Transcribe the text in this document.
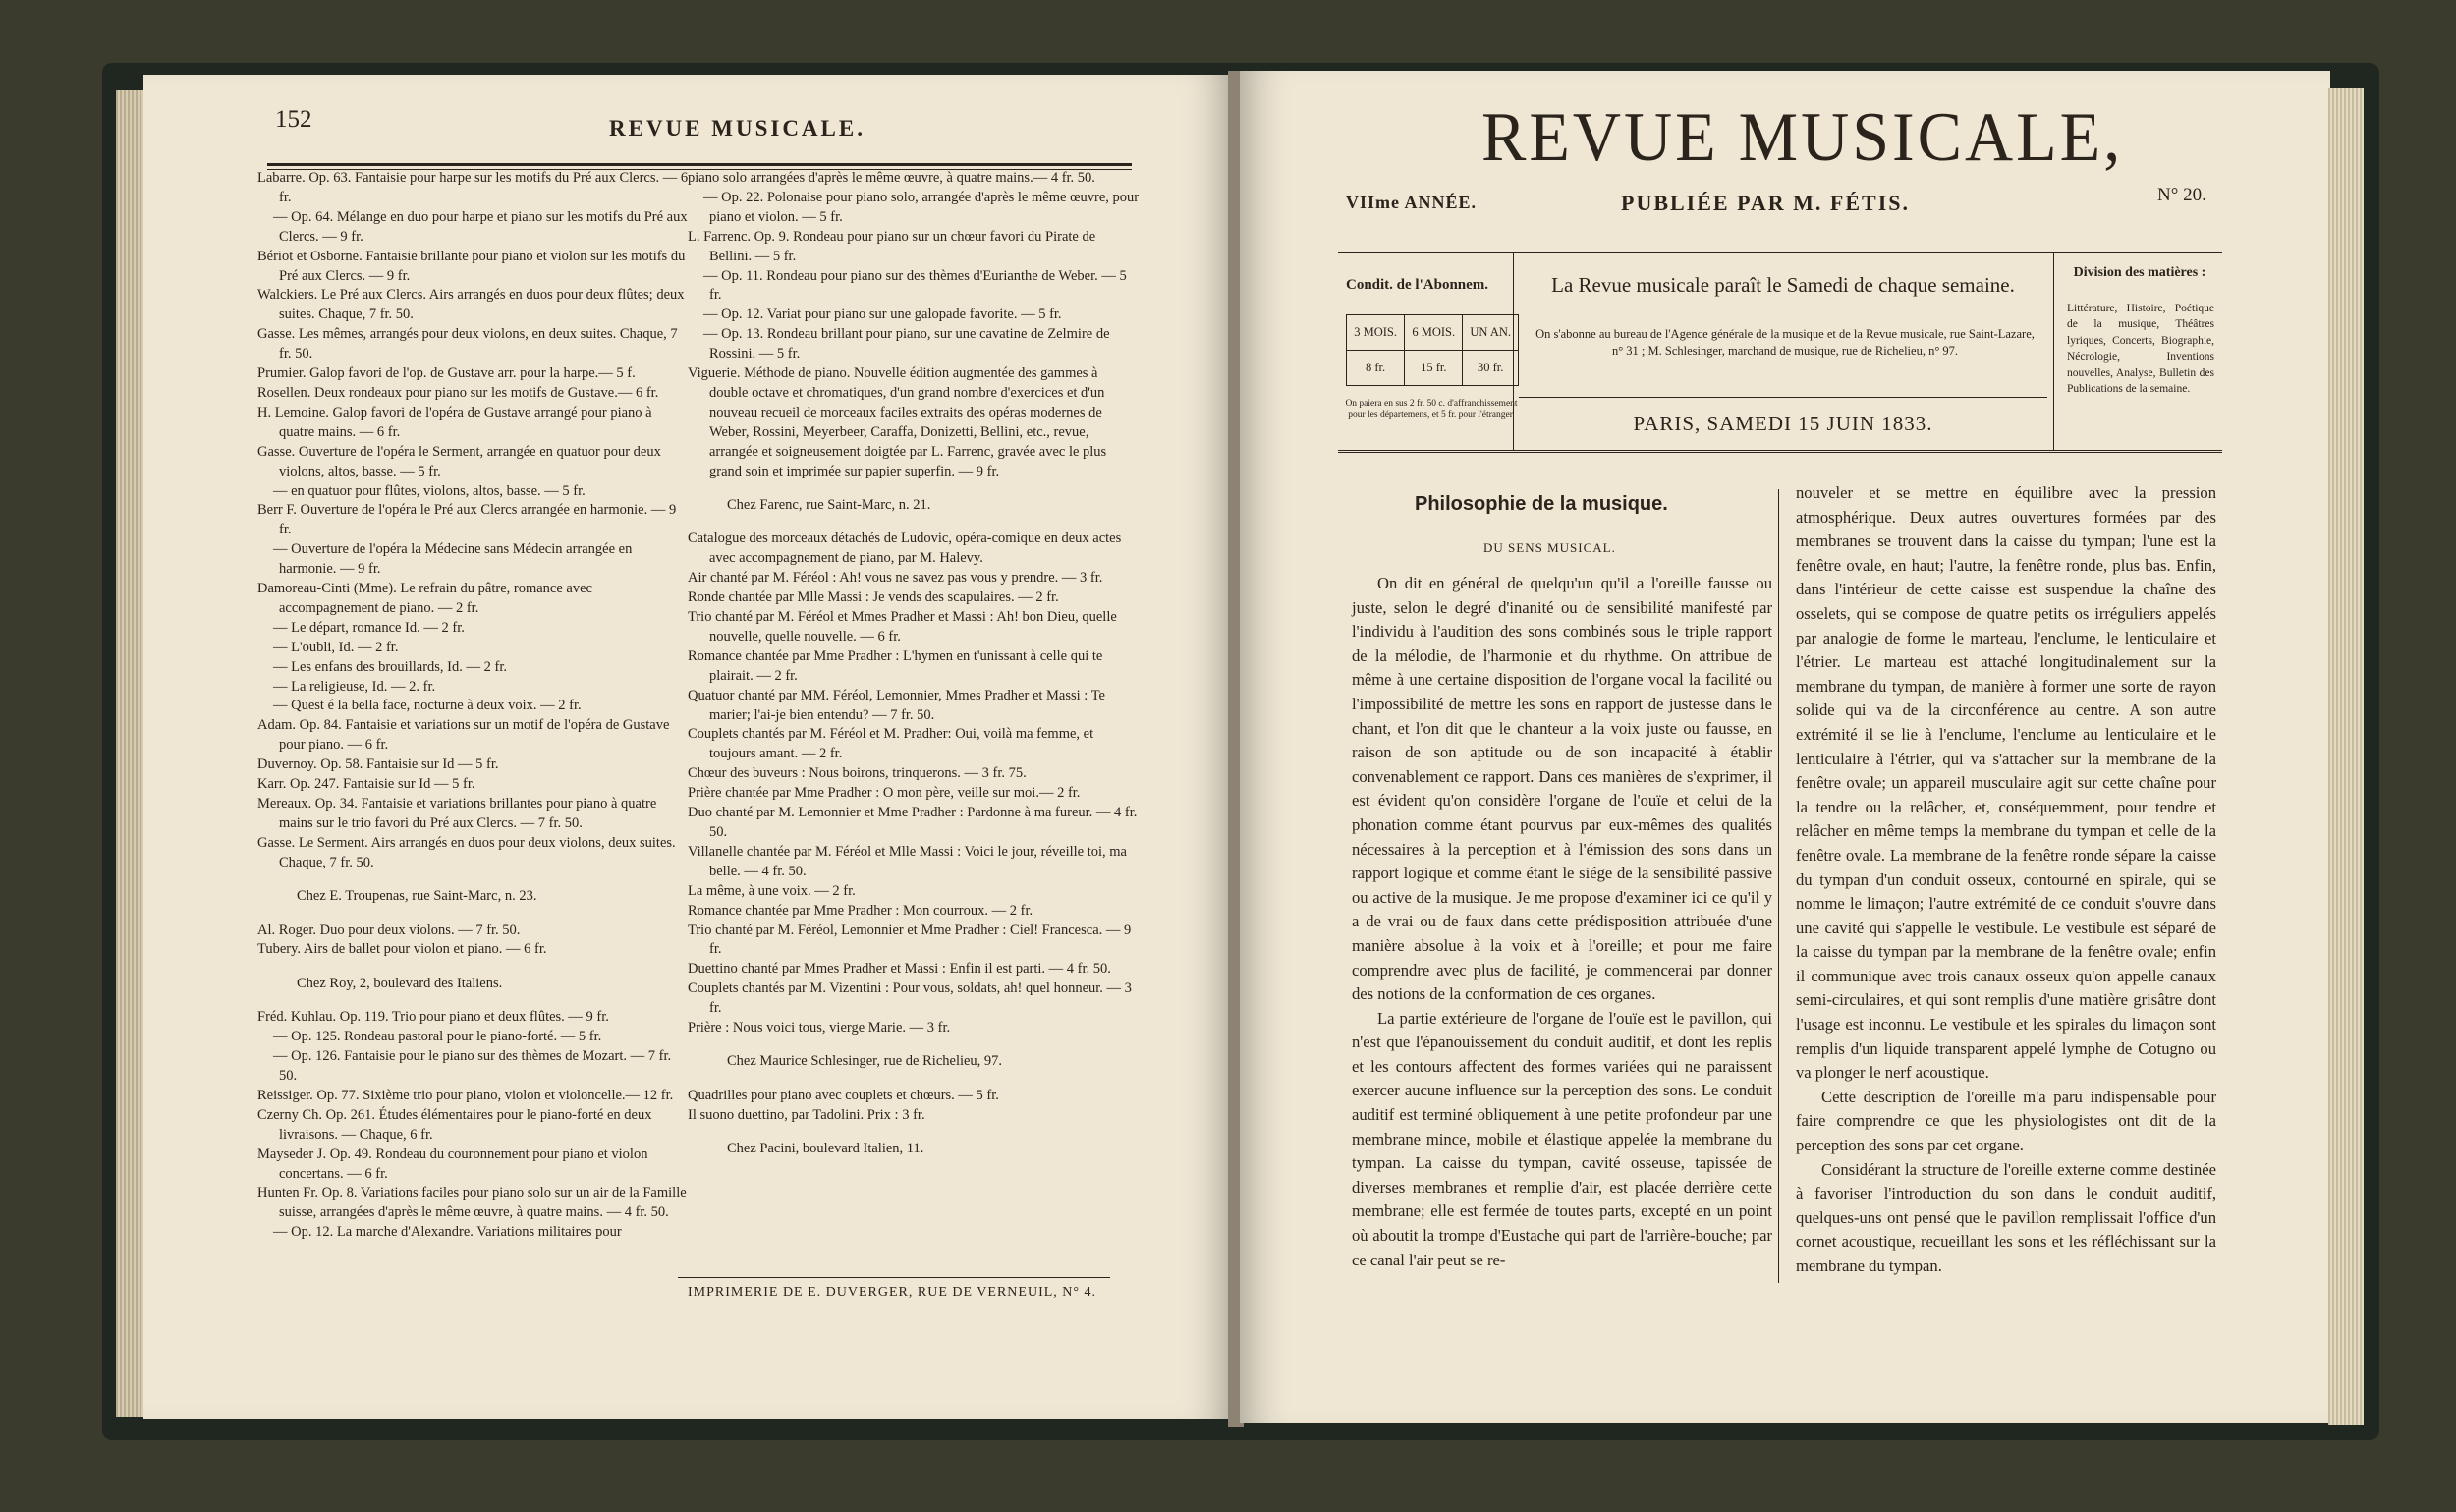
152	REVUE MUSICALE.

Labarre. Op. 63. Fantaisie pour harpe sur les motifs du Pré aux Clercs. — 6 fr.

— Op. 64. Mélange en duo pour harpe et piano sur les motifs du Pré aux Clercs. — 9 fr.

Bériot et Osborne. Fantaisie brillante pour piano et violon sur les motifs du Pré aux Clercs. — 9 fr.

Walckiers. Le Pré aux Clercs. Airs arrangés en duos pour deux flûtes; deux suites. Chaque, 7 fr. 50.

Gasse. Les mêmes, arrangés pour deux violons, en deux suites. Chaque, 7 fr. 50.

Prumier. Galop favori de l'op. de Gustave arr. pour la harpe.— 5 f.

Rosellen. Deux rondeaux pour piano sur les motifs de Gustave.— 6 fr.

H. Lemoine. Galop favori de l'opéra de Gustave arrangé pour piano à quatre mains. — 6 fr.

Gasse. Ouverture de l'opéra le Serment, arrangée en quatuor pour deux violons, altos, basse. — 5 fr.

— en quatuor pour flûtes, violons, altos, basse. — 5 fr.

Berr F. Ouverture de l'opéra le Pré aux Clercs arrangée en harmonie. — 9 fr.

— Ouverture de l'opéra la Médecine sans Médecin arrangée en harmonie. — 9 fr.

Damoreau-Cinti (Mme). Le refrain du pâtre, romance avec accompagnement de piano. — 2 fr.

— Le départ, romance Id. — 2 fr.

— L'oubli, Id. — 2 fr.

— Les enfans des brouillards, Id. — 2 fr.

— La religieuse, Id. — 2. fr.

— Quest é la bella face, nocturne à deux voix. — 2 fr.

Adam. Op. 84. Fantaisie et variations sur un motif de l'opéra de Gustave pour piano. — 6 fr.

Duvernoy. Op. 58. Fantaisie sur Id — 5 fr.

Karr. Op. 247. Fantaisie sur Id — 5 fr.

Mereaux. Op. 34. Fantaisie et variations brillantes pour piano à quatre mains sur le trio favori du Pré aux Clercs. — 7 fr. 50.

Gasse. Le Serment. Airs arrangés en duos pour deux violons, deux suites. Chaque, 7 fr. 50.

Chez E. Troupenas, rue Saint-Marc, n. 23.

Al. Roger. Duo pour deux violons. — 7 fr. 50.

Tubery. Airs de ballet pour violon et piano. — 6 fr.

Chez Roy, 2, boulevard des Italiens.

Fréd. Kuhlau. Op. 119. Trio pour piano et deux flûtes. — 9 fr.

— Op. 125. Rondeau pastoral pour le piano-forté. — 5 fr.

— Op. 126. Fantaisie pour le piano sur des thèmes de Mozart. — 7 fr. 50.

Reissiger. Op. 77. Sixième trio pour piano, violon et violoncelle.— 12 fr.

Czerny Ch. Op. 261. Études élémentaires pour le piano-forté en deux livraisons. — Chaque, 6 fr.

Mayseder J. Op. 49. Rondeau du couronnement pour piano et violon concertans. — 6 fr.

Hunten Fr. Op. 8. Variations faciles pour piano solo sur un air de la Famille suisse, arrangées d'après le même œuvre, à quatre mains. — 4 fr. 50.

— Op. 12. La marche d'Alexandre. Variations militaires pour

piano solo arrangées d'après le même œuvre, à quatre mains.— 4 fr. 50.

— Op. 22. Polonaise pour piano solo, arrangée d'après le même œuvre, pour piano et violon. — 5 fr.

L. Farrenc. Op. 9. Rondeau pour piano sur un chœur favori du Pirate de Bellini. — 5 fr.

— Op. 11. Rondeau pour piano sur des thèmes d'Eurianthe de Weber. — 5 fr.

— Op. 12. Variat pour piano sur une galopade favorite. — 5 fr.

— Op. 13. Rondeau brillant pour piano, sur une cavatine de Zelmire de Rossini. — 5 fr.

Viguerie. Méthode de piano. Nouvelle édition augmentée des gammes à double octave et chromatiques, d'un grand nombre d'exercices et d'un nouveau recueil de morceaux faciles extraits des opéras modernes de Weber, Rossini, Meyerbeer, Caraffa, Donizetti, Bellini, etc., revue, arrangée et soigneusement doigtée par L. Farrenc, gravée avec le plus grand soin et imprimée sur papier superfin. — 9 fr.

Chez Farenc, rue Saint-Marc, n. 21.

Catalogue des morceaux détachés de Ludovic, opéra-comique en deux actes avec accompagnement de piano, par M. Halevy.

Air chanté par M. Féréol : Ah! vous ne savez pas vous y prendre. — 3 fr.

Ronde chantée par Mlle Massi : Je vends des scapulaires. — 2 fr.

Trio chanté par M. Féréol et Mmes Pradher et Massi : Ah! bon Dieu, quelle nouvelle, quelle nouvelle. — 6 fr.

Romance chantée par Mme Pradher : L'hymen en t'unissant à celle qui te plairait. — 2 fr.

Quatuor chanté par MM. Féréol, Lemonnier, Mmes Pradher et Massi : Te marier; l'ai-je bien entendu? — 7 fr. 50.

Couplets chantés par M. Féréol et M. Pradher: Oui, voilà ma femme, et toujours amant. — 2 fr.

Chœur des buveurs : Nous boirons, trinquerons. — 3 fr. 75.

Prière chantée par Mme Pradher : O mon père, veille sur moi.— 2 fr.

Duo chanté par M. Lemonnier et Mme Pradher : Pardonne à ma fureur. — 4 fr. 50.

Villanelle chantée par M. Féréol et Mlle Massi : Voici le jour, réveille toi, ma belle. — 4 fr. 50.

La même, à une voix. — 2 fr.

Romance chantée par Mme Pradher : Mon courroux. — 2 fr.

Trio chanté par M. Féréol, Lemonnier et Mme Pradher : Ciel! Francesca. — 9 fr.

Duettino chanté par Mmes Pradher et Massi : Enfin il est parti. — 4 fr. 50.

Couplets chantés par M. Vizentini : Pour vous, soldats, ah! quel honneur. — 3 fr.

Prière : Nous voici tous, vierge Marie. — 3 fr.

Chez Maurice Schlesinger, rue de Richelieu, 97.

Quadrilles pour piano avec couplets et chœurs. — 5 fr.

Il suono duettino, par Tadolini. Prix : 3 fr.

Chez Pacini, boulevard Italien, 11.

IMPRIMERIE DE E. DUVERGER, RUE DE VERNEUIL, N° 4.
REVUE MUSICALE,
VIIme ANNÉE.	PUBLIÉE PAR M. FÉTIS.	N° 20.
Condit. de l'Abonnem.
3 MOIS.	6 MOIS.	UN AN.
8 fr.	15 fr.	30 fr.
On paiera en sus 2 fr. 50 c. d'affranchissement pour les départemens, et 5 fr. pour l'étranger.
La Revue musicale paraît le Samedi de chaque semaine.
On s'abonne au bureau de l'Agence générale de la musique et de la Revue musicale, rue Saint-Lazare, n° 31 ; M. Schlesinger, marchand de musique, rue de Richelieu, n° 97.
PARIS, SAMEDI 15 JUIN 1833.
Division des matières :
Littérature, Histoire, Poétique de la musique, Théâtres lyriques, Concerts, Biographie, Nécrologie, Inventions nouvelles, Analyse, Bulletin des Publications de la semaine.
Philosophie de la musique.
DU SENS MUSICAL.

On dit en général de quelqu'un qu'il a l'oreille fausse ou juste, selon le degré d'inanité ou de sensibilité manifesté par l'individu à l'audition des sons combinés sous le triple rapport de la mélodie, de l'harmonie et du rhythme. On attribue de même à une certaine disposition de l'organe vocal la facilité ou l'impossibilité de mettre les sons en rapport de justesse dans le chant, et l'on dit que le chanteur a la voix juste ou fausse, en raison de son aptitude ou de son incapacité à établir convenablement ce rapport. Dans ces manières de s'exprimer, il est évident qu'on considère l'organe de l'ouïe et celui de la phonation comme étant pourvus par eux-mêmes des qualités nécessaires à la perception et à l'émission des sons dans un rapport logique et comme étant le siége de la sensibilité passive ou active de la musique. Je me propose d'examiner ici ce qu'il y a de vrai ou de faux dans cette prédisposition attribuée d'une manière absolue à la voix et à l'oreille; et pour me faire comprendre avec plus de facilité, je commencerai par donner des notions de la conformation de ces organes.

La partie extérieure de l'organe de l'ouïe est le pavillon, qui n'est que l'épanouissement du conduit auditif, et dont les replis et les contours affectent des formes variées qui ne paraissent exercer aucune influence sur la perception des sons. Le conduit auditif est terminé obliquement à une petite profondeur par une membrane mince, mobile et élastique appelée la membrane du tympan. La caisse du tympan, cavité osseuse, tapissée de diverses membranes et remplie d'air, est placée derrière cette membrane; elle est fermée de toutes parts, excepté en un point où aboutit la trompe d'Eustache qui part de l'arrière-bouche; par ce canal l'air peut se re-

nouveler et se mettre en équilibre avec la pression atmosphérique. Deux autres ouvertures formées par des membranes se trouvent dans la caisse du tympan; l'une est la fenêtre ovale, en haut; l'autre, la fenêtre ronde, plus bas. Enfin, dans l'intérieur de cette caisse est suspendue la chaîne des osselets, qui se compose de quatre petits os irréguliers appelés par analogie de forme le marteau, l'enclume, le lenticulaire et l'étrier. Le marteau est attaché longitudinalement sur la membrane du tympan, de manière à former une sorte de rayon solide qui va de la circonférence au centre. A son autre extrémité il se lie à l'enclume, l'enclume au lenticulaire et le lenticulaire à l'étrier, qui va s'attacher sur la membrane de la fenêtre ovale; un appareil musculaire agit sur cette chaîne pour la tendre ou la relâcher, et, conséquemment, pour tendre et relâcher en même temps la membrane du tympan et celle de la fenêtre ovale. La membrane de la fenêtre ronde sépare la caisse du tympan d'un conduit osseux, contourné en spirale, qui se nomme le limaçon; l'autre extrémité de ce conduit s'ouvre dans une cavité qui s'appelle le vestibule. Le vestibule est séparé de la caisse du tympan par la membrane de la fenêtre ovale; enfin il communique avec trois canaux osseux qu'on appelle canaux semi-circulaires, et qui sont remplis d'une matière grisâtre dont l'usage est inconnu. Le vestibule et les spirales du limaçon sont remplis d'un liquide transparent appelé lymphe de Cotugno ou va plonger le nerf acoustique.

Cette description de l'oreille m'a paru indispensable pour faire comprendre ce que les physiologistes ont dit de la perception des sons par cet organe.

Considérant la structure de l'oreille externe comme destinée à favoriser l'introduction du son dans le conduit auditif, quelques-uns ont pensé que le pavillon remplissait l'office d'un cornet acoustique, recueillant les sons et les réfléchissant sur la membrane du tympan.
